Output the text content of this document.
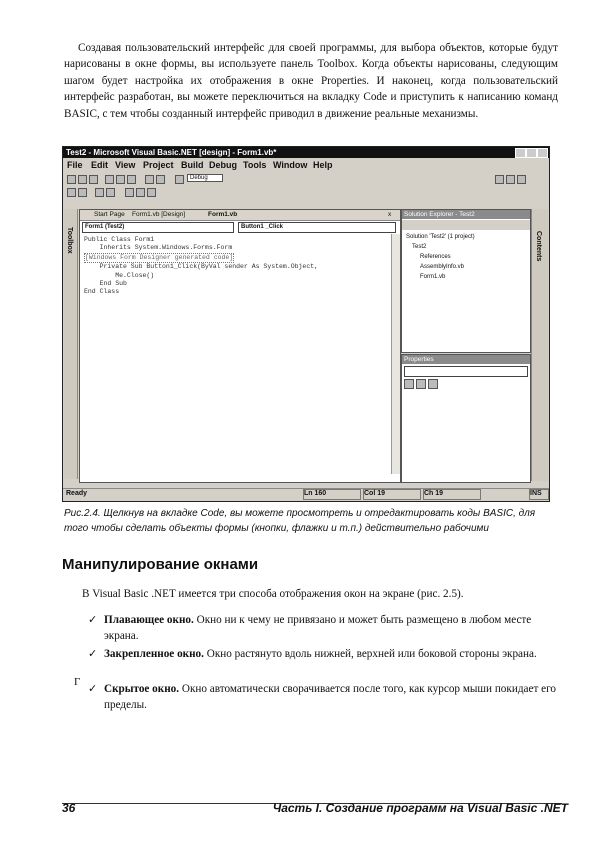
Создавая пользовательский интерфейс для своей программы, для выбора объектов, которые будут нарисованы в окне формы, вы используете панель Toolbox. Когда объекты нарисованы, следующим шагом будет настройка их отображения в окне Properties. И наконец, когда пользовательский интерфейс разработан, вы можете переключиться на вкладку Code и приступить к написанию команд BASIC, с тем чтобы созданный интерфейс приводил в движение реальные механизмы.

Test2 - Microsoft Visual Basic.NET [design] - Form1.vb*
File Edit View Project Build Debug Tools Window Help
Debug
Toolbox
Start Page Form1.vb [Design]	Form1.vb	x
Form1 (Test2)	Button1 _Click
Public Class Form1
Inherits System.Windows.Forms.Form
[Windows Form Designer generated code]
Private Sub Button1_Click(ByVal sender As System.Object,
Me.Close()
End Sub
End Class
Solution Explorer - Test2
Solution 'Test2' (1 project)
Test2
References
AssemblyInfo.vb
Form1.vb
Properties
Contents
Ready	Ln 160	Col 19	Ch 19	INS

Рис.2.4. Щелкнув на вкладке Code, вы можете просмотреть и отредактировать коды BASIC, для того чтобы сделать объекты формы (кнопки, флажки и т.п.) действительно рабочими

Манипулирование окнами

В Visual Basic .NET имеется три способа отображения окон на экране (рис. 2.5).

✓ Плавающее окно. Окно ни к чему не привязано и может быть размещено в любом месте экрана.
✓ Закрепленное окно. Окно растянуто вдоль нижней, верхней или боковой стороны экрана.
Г ✓ Скрытое окно. Окно автоматически сворачивается после того, как курсор мыши покидает его пределы.
36	Часть I. Создание программ на Visual Basic .NET
